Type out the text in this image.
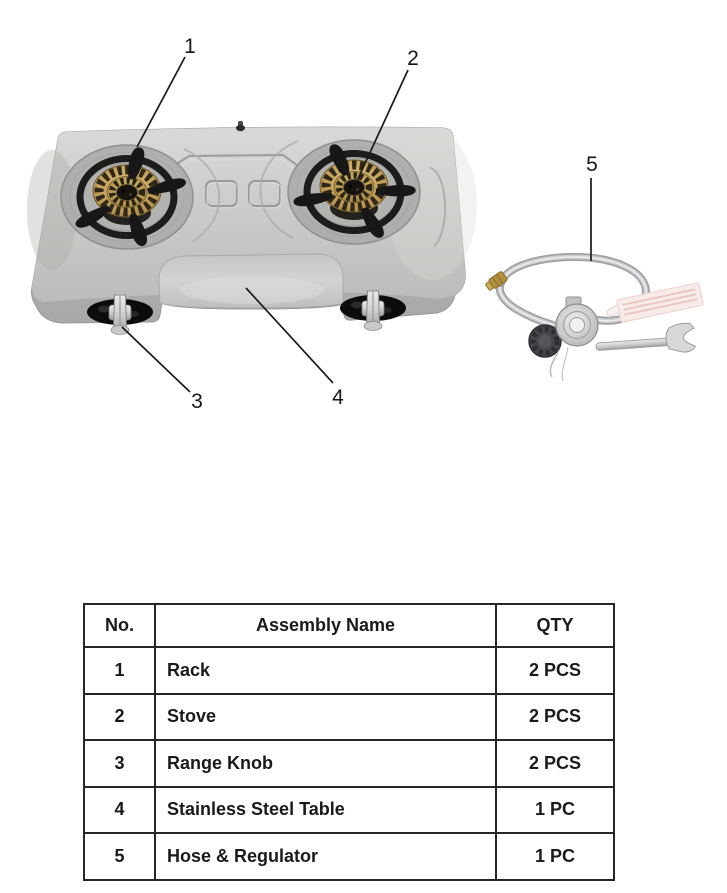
1
2
3	4
5
No.	Assembly Name	QTY
1	Rack	2 PCS
2	Stove	2 PCS
3	Range Knob	2 PCS
4	Stainless Steel Table	1 PC
5	Hose & Regulator	1 PC
